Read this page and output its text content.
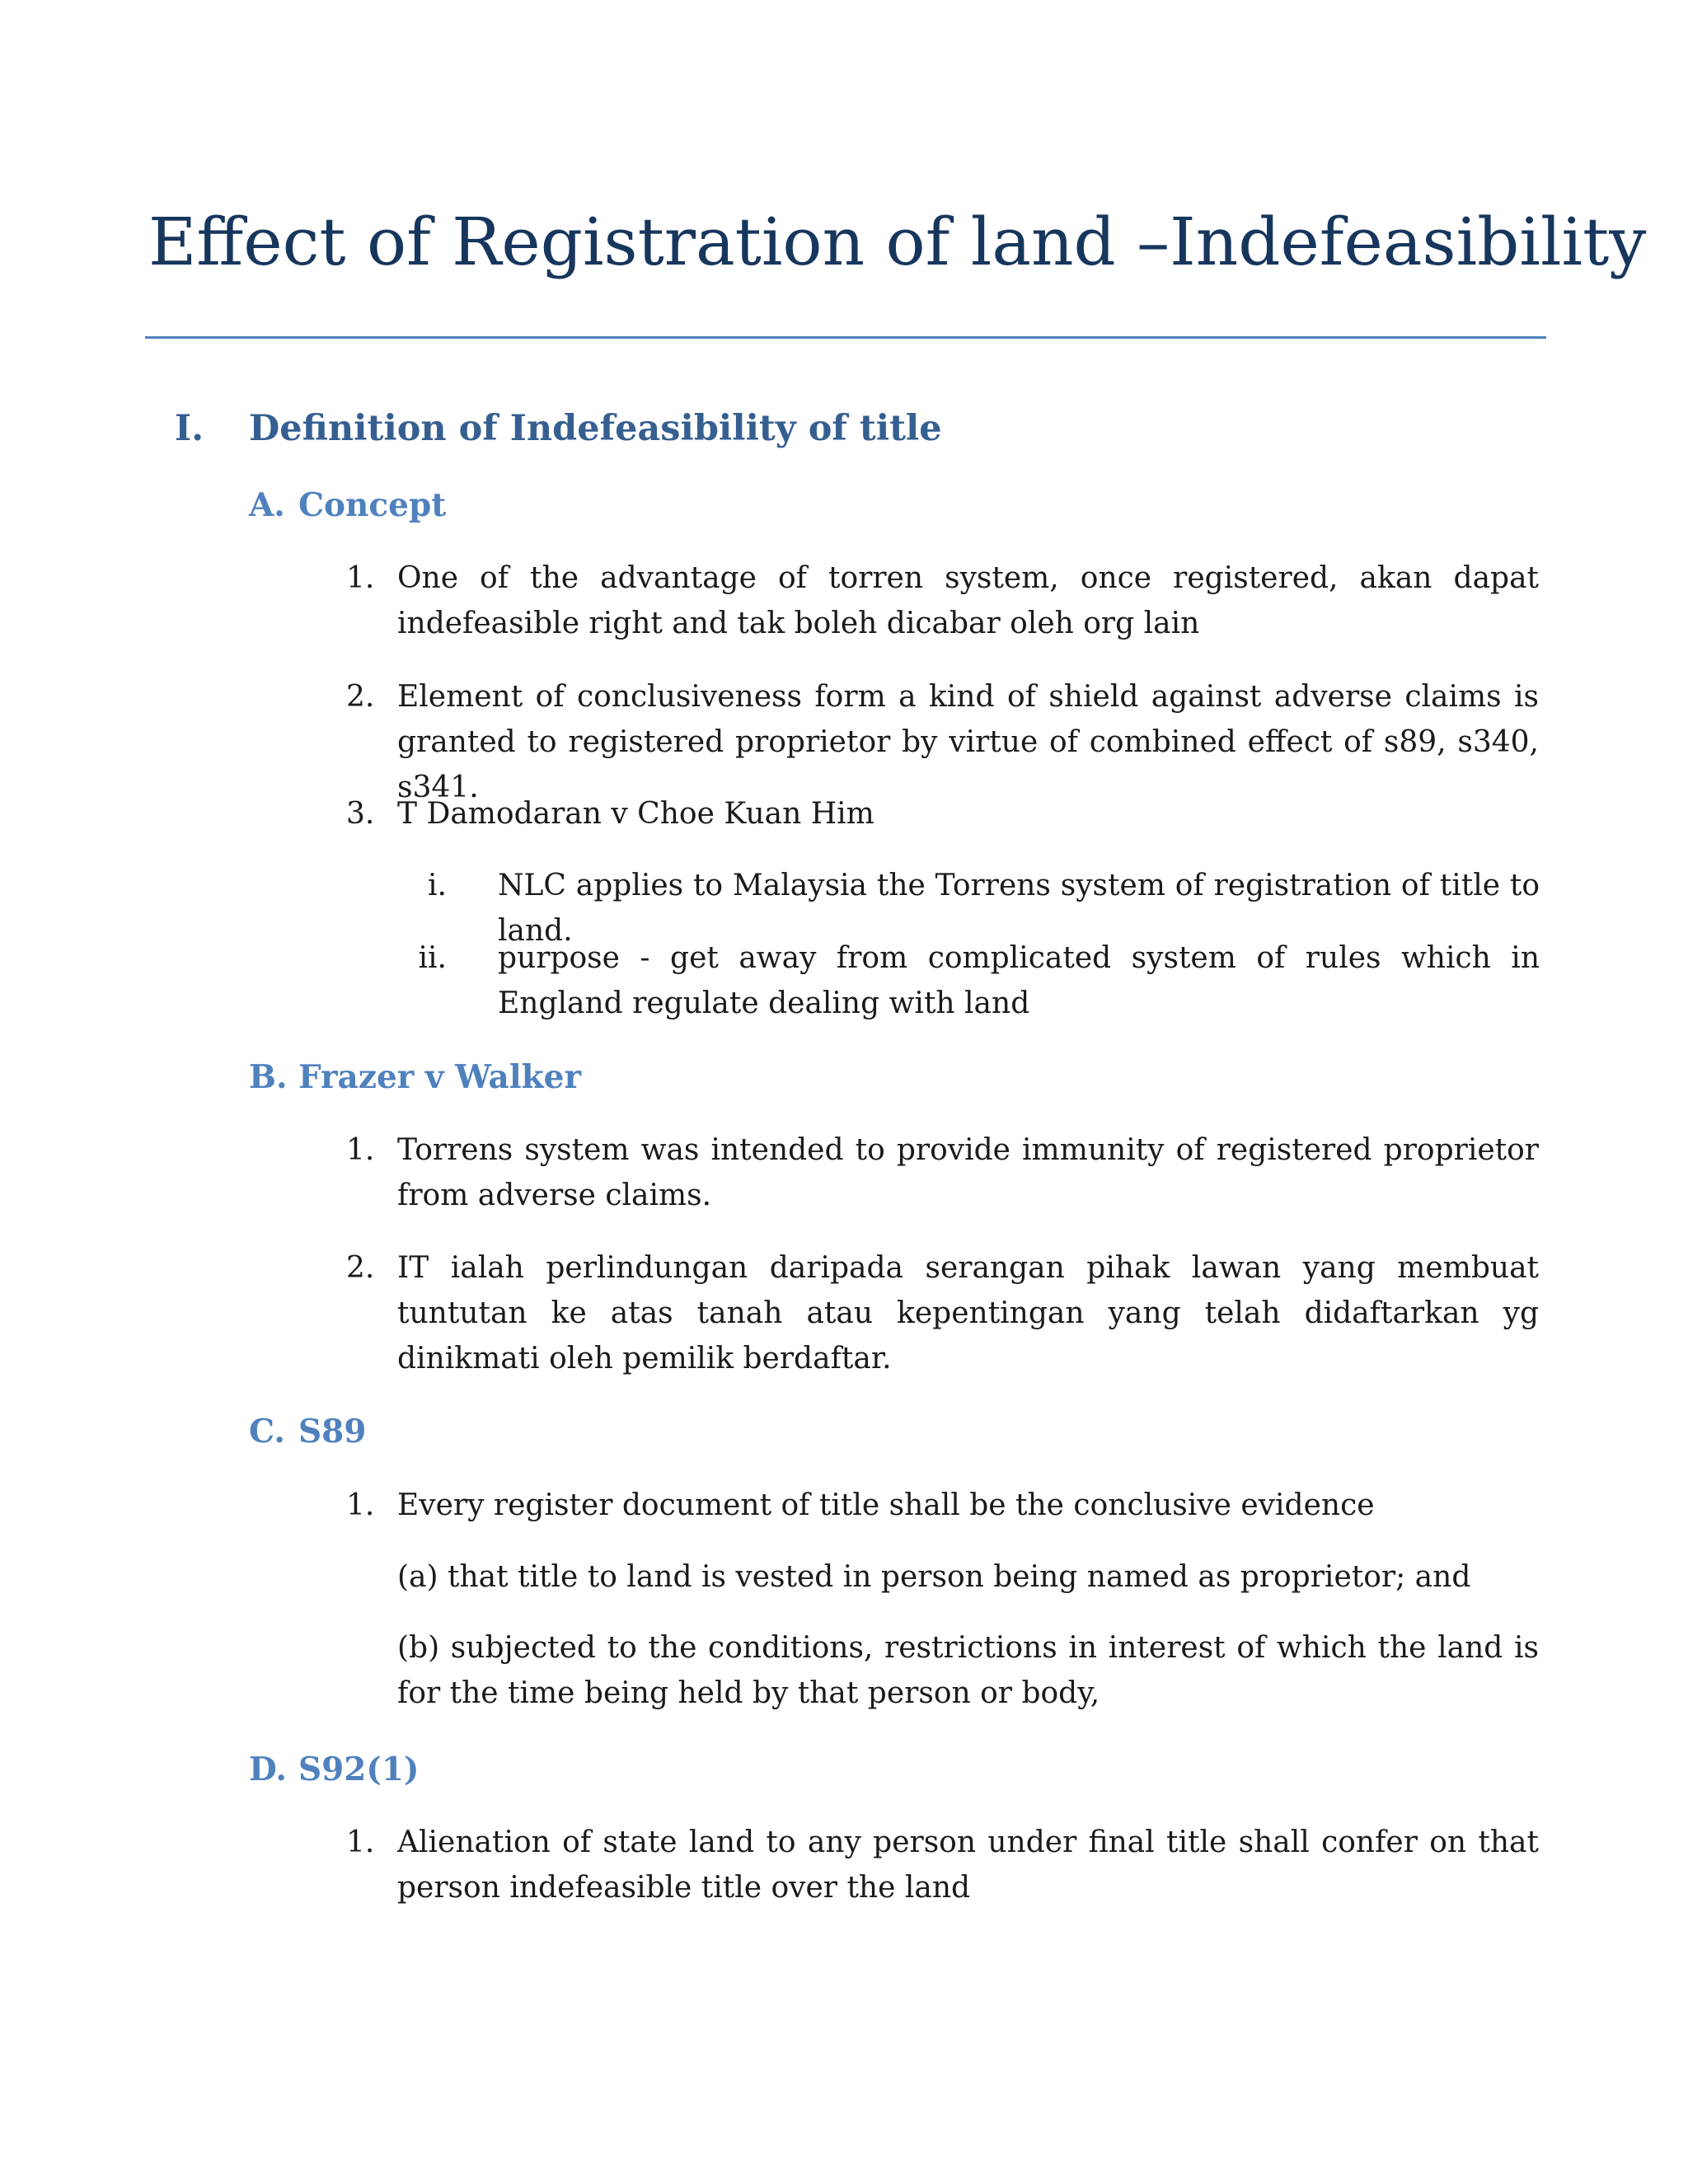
Effect of Registration of land –Indefeasibility
I. Definition of Indefeasibility of title
A. Concept
1. One of the advantage of torren system, once registered, akan dapat indefeasible right and tak boleh dicabar oleh org lain
2. Element of conclusiveness form a kind of shield against adverse claims is granted to registered proprietor by virtue of combined effect of s89, s340, s341.
3. T Damodaran v Choe Kuan Him
i. NLC applies to Malaysia the Torrens system of registration of title to land.
ii. purpose - get away from complicated system of rules which in England regulate dealing with land
B. Frazer v Walker
1. Torrens system was intended to provide immunity of registered proprietor from adverse claims.
2. IT ialah perlindungan daripada serangan pihak lawan yang membuat tuntutan ke atas tanah atau kepentingan yang telah didaftarkan yg dinikmati oleh pemilik berdaftar.
C. S89
1. Every register document of title shall be the conclusive evidence
(a) that title to land is vested in person being named as proprietor; and
(b) subjected to the conditions, restrictions in interest of which the land is for the time being held by that person or body,
D. S92(1)
1. Alienation of state land to any person under final title shall confer on that person indefeasible title over the land
